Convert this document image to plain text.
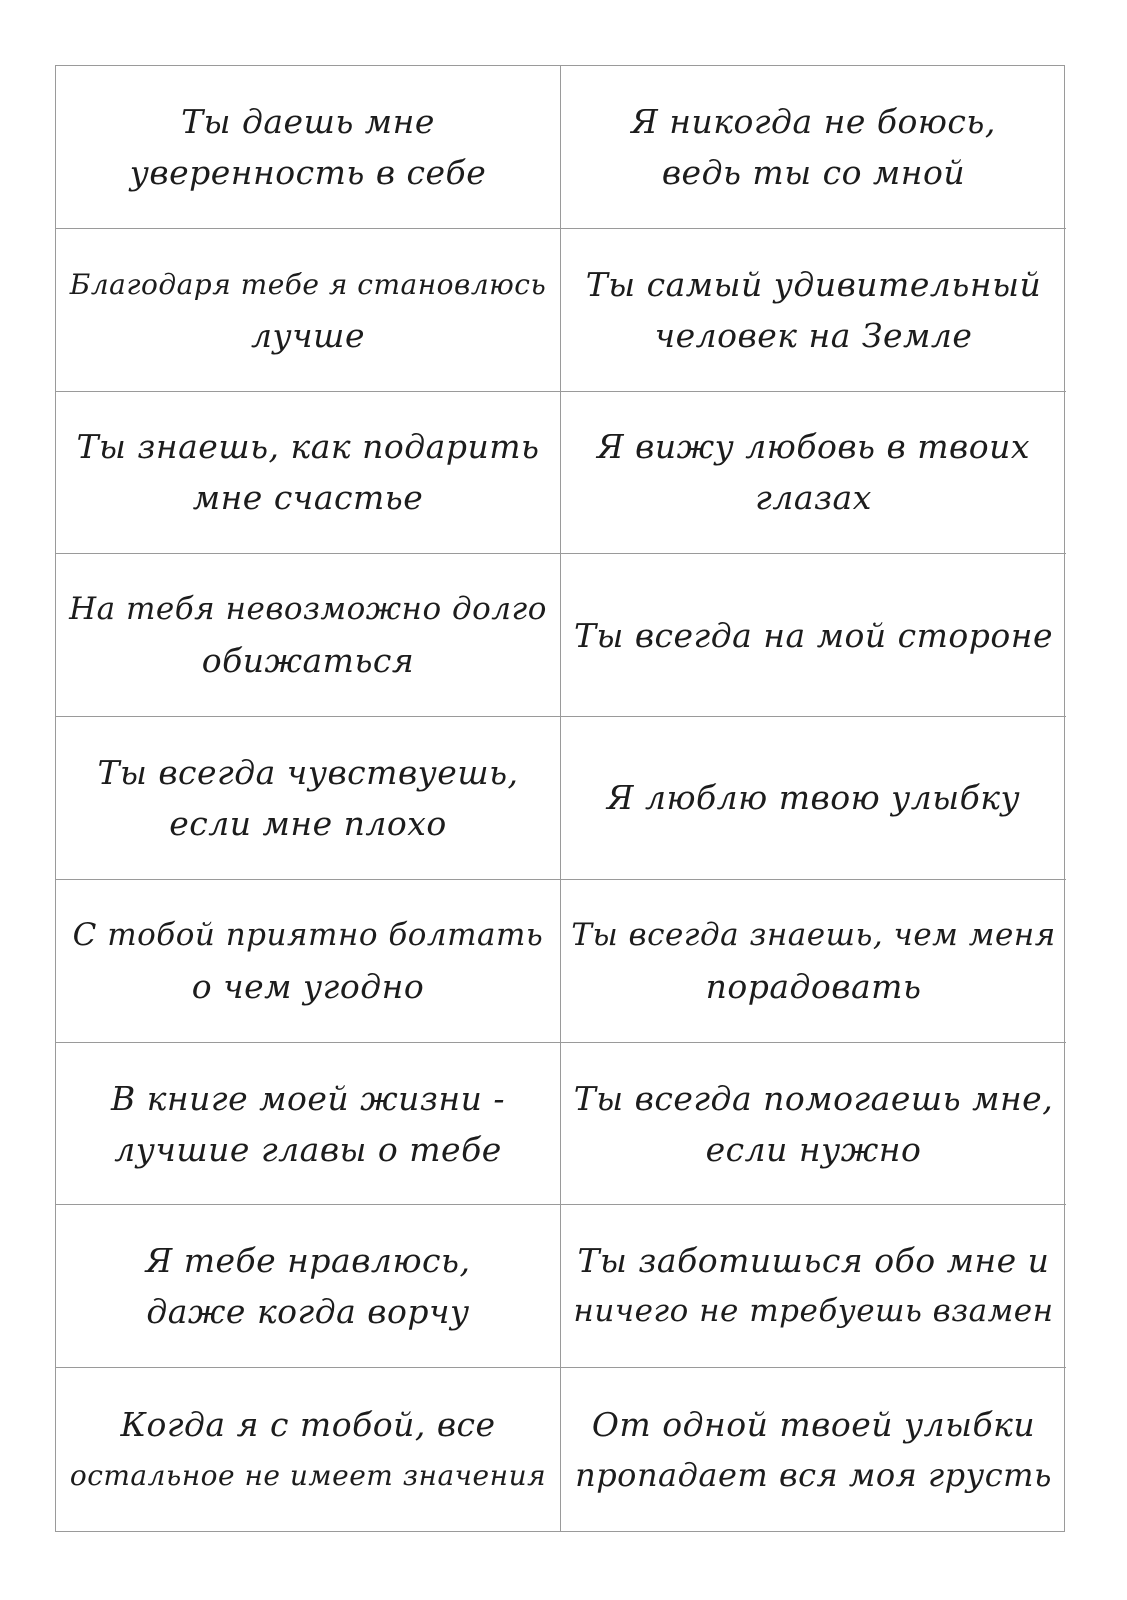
Ты даешь мне
уверенность в себе
Я никогда не боюсь,
ведь ты со мной
Благодаря тебе я становлюсь
лучше
Ты самый удивительный
человек на Земле
Ты знаешь, как подарить
мне счастье
Я вижу любовь в твоих
глазах
На тебя невозможно долго
обижаться
Ты всегда на мой стороне
Ты всегда чувствуешь,
если мне плохо
Я люблю твою улыбку
С тобой приятно болтать
о чем угодно
Ты всегда знаешь, чем меня
порадовать
В книге моей жизни -
лучшие главы о тебе
Ты всегда помогаешь мне,
если нужно
Я тебе нравлюсь,
даже когда ворчу
Ты заботишься обо мне и
ничего не требуешь взамен
Когда я с тобой, все
остальное не имеет значения
От одной твоей улыбки
пропадает вся моя грусть
